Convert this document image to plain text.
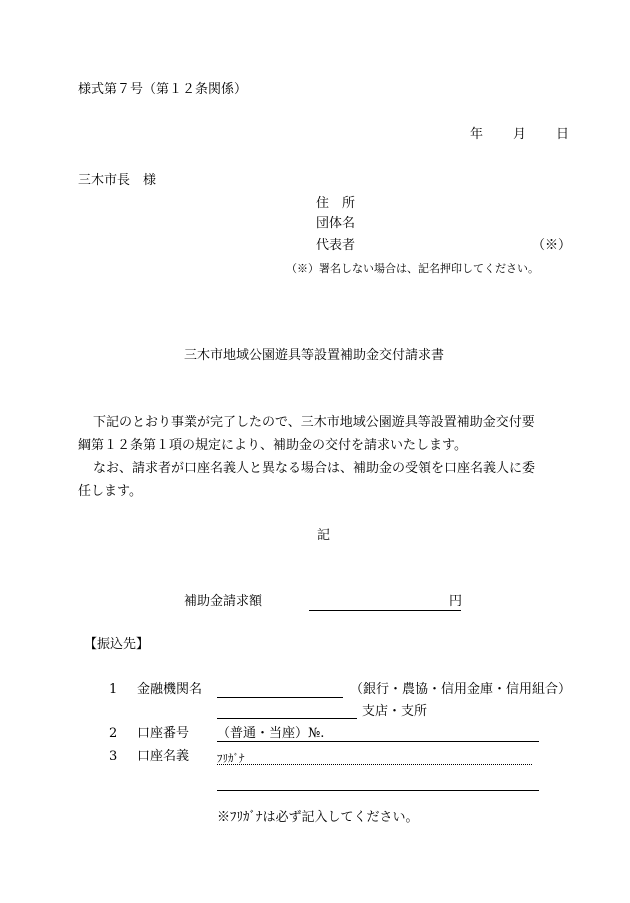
様式第７号（第１２条関係）
年 月 日
三木市長　様
住　所
団体名
代表者	（※）
（※）署名しない場合は、記名押印してください。
三木市地域公園遊具等設置補助金交付請求書
下記のとおり事業が完了したので、三木市地域公園遊具等設置補助金交付要
綱第１２条第１項の規定により、補助金の交付を請求いたします。
なお、請求者が口座名義人と異なる場合は、補助金の受領を口座名義人に委
任します。
記
補助金請求額	円
【振込先】
1 金融機関名	（銀行・農協・信用金庫・信用組合）
支店・支所
2 口座番号 （普通・当座）№.
3 口座名義	ﾌﾘｶﾞﾅ
※ﾌﾘｶﾞﾅは必ず記入してください。
